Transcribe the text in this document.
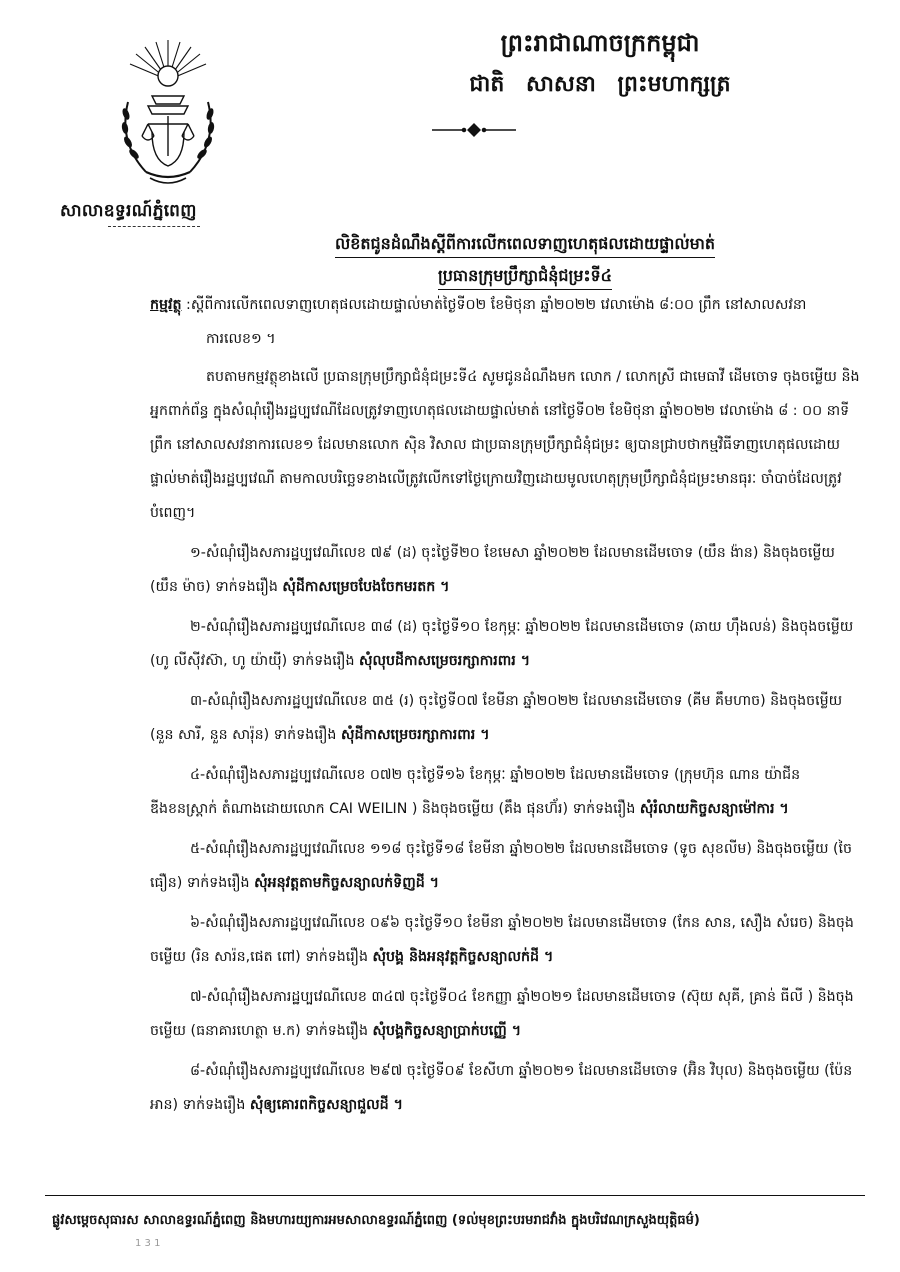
សាលាឧទ្ធរណ៍ភ្នំពេញ
ព្រះរាជាណាចក្រកម្ពុជា
ជាតិ សាសនា ព្រះមហាក្សត្រ
លិខិតជូនដំណឹងស្តីពីការលើកពេលទាញហេតុផលដោយផ្ទាល់មាត់
ប្រធានក្រុមប្រឹក្សាជំនុំជម្រះទី៤

កម្មវត្ថុ :ស្តីពីការលើកពេលទាញហេតុផលដោយផ្ទាល់មាត់ថ្ងៃទី០២ ខែមិថុនា ឆ្នាំ២០២២ វេលាម៉ោង ៨:០០ ព្រឹក នៅសាលសវនាការលេខ១ ។

តបតាមកម្មវត្ថុខាងលើ ប្រធានក្រុមប្រឹក្សាជំនុំជម្រះទី៤ សូមជូនដំណឹងមក លោក / លោកស្រី ជាមេធាវី ដើមចោទ ចុងចម្លើយ និងអ្នកពាក់ព័ន្ធ ក្នុងសំណុំរឿងរដ្ឋប្បវេណីដែលត្រូវទាញហេតុផលដោយផ្ទាល់មាត់ នៅថ្ងៃទី០២ ខែមិថុនា ឆ្នាំ២០២២ វេលាម៉ោង ៨ : ០០ នាទីព្រឹក នៅសាលសវនាការលេខ១ ដែលមានលោក ស៊ិន វិសាល ជាប្រធានក្រុមប្រឹក្សាជំនុំជម្រះ ឲ្យបានជ្រាបថាកម្មវិធីទាញហេតុផលដោយផ្ទាល់មាត់រឿងរដ្ឋប្បវេណី តាមកាលបរិច្ឆេទខាងលើត្រូវលើកទៅថ្ងៃក្រោយវិញដោយមូលហេតុក្រុមប្រឹក្សាជំនុំជម្រះមានធុរៈ ចាំបាច់ដែលត្រូវបំពេញ។

១-សំណុំរឿងសភារដ្ឋប្បវេណីលេខ ៧៩ (ដ) ចុះថ្ងៃទី២០ ខែមេសា ឆ្នាំ២០២២ ដែលមានដើមចោទ (យឹន ង៉ាន) និងចុងចម្លើយ (យឹន ម៉ាច) ទាក់ទងរឿង សុំដីកាសម្រេចបែងចែកមរតក ។

២-សំណុំរឿងសភារដ្ឋប្បវេណីលេខ ៣៨ (ដ) ចុះថ្ងៃទី១០ ខែកុម្ភៈ ឆ្នាំ២០២២ ដែលមានដើមចោទ (ឆាយ ហ៊ឹងលន់) និងចុងចម្លើយ (ហូ លីស៊ីវស៊ា, ហូ យ៉ាយ៉ី) ទាក់ទងរឿង សុំលុបដីកាសម្រេចរក្សាការពារ ។

៣-សំណុំរឿងសភារដ្ឋប្បវេណីលេខ ៣៥ (រ) ចុះថ្ងៃទី០៧ ខែមីនា ឆ្នាំ២០២២ ដែលមានដើមចោទ (គីម គឹមហាច) និងចុងចម្លើយ (នួន សារី, នួន សារ៉ុន) ទាក់ទងរឿង សុំដីកាសម្រេចរក្សាការពារ ។

៤-សំណុំរឿងសភារដ្ឋប្បវេណីលេខ ០៧២ ចុះថ្ងៃទី១៦ ខែកុម្ភៈ ឆ្នាំ២០២២ ដែលមានដើមចោទ (ក្រុមហ៊ុន ណាន យ៉ាជីន ឌីងខនស្រ្តាក់ តំណាងដោយលោក CAI WEILIN ) និងចុងចម្លើយ (គឹង ផុនហ៊័រ) ទាក់ទងរឿង សុំរំលាយកិច្ចសន្យាម៉ៅការ ។

៥-សំណុំរឿងសភារដ្ឋប្បវេណីលេខ ១១៨ ចុះថ្ងៃទី១៨ ខែមីនា ឆ្នាំ២០២២ ដែលមានដើមចោទ (ទូច សុខលីម) និងចុងចម្លើយ (ចៃ ធឿន) ទាក់ទងរឿង សុំអនុវត្តតាមកិច្ចសន្យាលក់ទិញដី ។

៦-សំណុំរឿងសភារដ្ឋប្បវេណីលេខ ០៩៦ ចុះថ្ងៃទី១០ ខែមីនា ឆ្នាំ២០២២ ដែលមានដើមចោទ (កែន សាន, សឿង សំរេច) និងចុងចម្លើយ (រិន សារ៉ន,ផេត ពៅ) ទាក់ទងរឿង សុំបង្គ និងអនុវត្តកិច្ចសន្យាលក់ដី ។

៧-សំណុំរឿងសភារដ្ឋប្បវេណីលេខ ៣៤៧ ចុះថ្ងៃទី០៤ ខែកញ្ញា ឆ្នាំ២០២១ ដែលមានដើមចោទ (ស៊ុយ សុគី, គ្រាន់ ធីលី ) និងចុងចម្លើយ (ធនាគារហេត្ថា ម.ក) ទាក់ទងរឿង សុំបង្គកិច្ចសន្យាប្រាក់បញ្ញើ ។

៨-សំណុំរឿងសភារដ្ឋប្បវេណីលេខ ២៩៧ ចុះថ្ងៃទី០៩ ខែសីហា ឆ្នាំ២០២១ ដែលមានដើមចោទ (អ៊ិន វិបុល) និងចុងចម្លើយ (ប៉ែន អាន) ទាក់ទងរឿង សុំឲ្យគោរពកិច្ចសន្យាជួលដី ។

ផ្លូវសម្តេចសុធារស សាលាឧទ្ធរណ៍ភ្នំពេញ និងមហារយ្យការអមសាលាឧទ្ធរណ៍ភ្នំពេញ (ទល់មុខព្រះបរមរាជវាំង ក្នុងបរិវេណក្រសួងយុត្តិធម៌)
1 3 1
